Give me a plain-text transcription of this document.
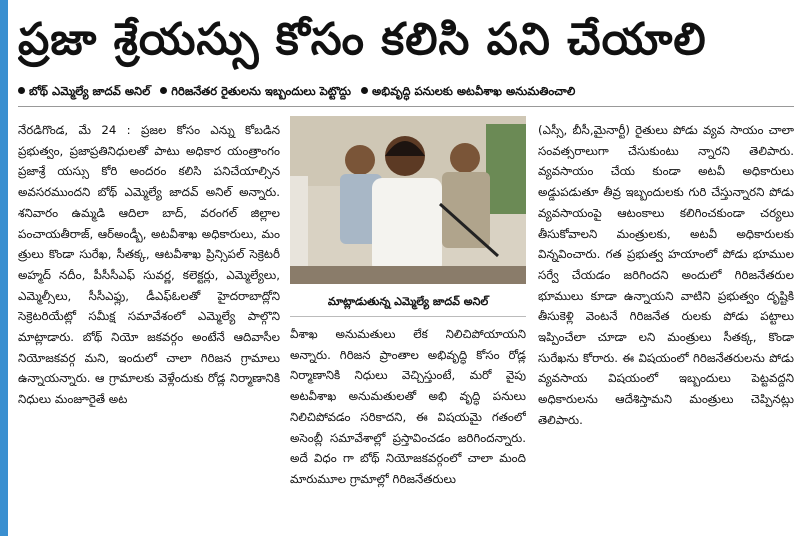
ప్రజా శ్రేయస్సు కోసం కలిసి పని చేయాలి
బోథ్ ఎమ్మెల్యే జాదవ్ అనిల్ గిరిజనేతర రైతులను ఇబ్బందులు పెట్టొద్దు అభివృద్ధి పనులకు అటవీశాఖ అనుమతించాలి

నేరడిగొండ, మే 24 : ప్రజల కోసం ఎన్ను కోబడిన ప్రభుత్వం, ప్రజాప్రతినిధులతో పాటు అధికార యంత్రాంగం ప్రజాశ్రే యస్సు కోరి అందరం కలిసి పనిచేయాల్సిన అవసరముందని బోథ్ ఎమ్మెల్యే జాదవ్ అనిల్ అన్నారు. శనివారం ఉమ్మడి ఆదిలా బాద్, వరంగల్ జిల్లాల పంచాయతీరాజ్, ఆర్అండ్బీ, అటవీశాఖ అధికారులు, మం త్రులు కొండా సురేఖ, సీతక్క, ఆటవీశాఖ ప్రిన్సిపల్ సెక్రెటరీ అహ్మద్ నదీం, పీసీసీఎఫ్ సువర్ణ, కలెక్టర్లు, ఎమ్మెల్యేలు, ఎమ్మెల్సీలు, సీసీఎఫ్లు, డీఎఫ్ఓలతో హైదరాబాద్లోని సెక్రెటరియేట్లో సమీక్ష సమావేశంలో ఎమ్మెల్యే పాల్గొని మాట్లాడారు. బోథ్ నియో జకవర్గం అంటేనే ఆదివాసీల నియోజకవర్గ మని, ఇందులో చాలా గిరిజన గ్రామాలు ఉన్నాయన్నారు. ఆ గ్రామాలకు వెళ్లేందుకు రోడ్ల నిర్మాణానికి నిధులు మంజూరైతే అట

మాట్లాడుతున్న ఎమ్మెల్యే జాదవ్ అనిల్

వీశాఖ అనుమతులు లేక నిలిచిపోయాయని అన్నారు. గిరిజన ప్రాంతాల అభివృద్ధి కోసం రోడ్ల నిర్మాణానికి నిధులు వెచ్చిస్తుంటే, మరో వైపు అటవీశాఖ అనుమతులతో అభి వృద్ధి పనులు నిలిచిపోవడం సరికాదని, ఈ విషయమై గతంలో అసెంబ్లీ సమావేశాల్లో ప్రస్తావించడం జరిగిందన్నారు. అదే విధం గా బోథ్ నియోజకవర్గంలో చాలా మంది మారుమూల గ్రామాల్లో గిరిజనేతరులు

(ఎస్సీ, బీసీ,మైనార్టీ) రైతులు పోడు వ్యవ సాయం చాలా సంవత్సరాలుగా చేసుకుంటు న్నారని తెలిపారు. వ్యవసాయం చేయ కుండా అటవీ అధికారులు అడ్డుపడుతూ తీవ్ర ఇబ్బందులకు గురి చేస్తున్నారని పోడు వ్యవసాయంపై ఆటంకాలు కలిగించకుండా చర్యలు తీసుకోవాలని మంత్రులకు, అటవీ అధికారులకు విన్నవించారు. గత ప్రభుత్వ హయాంలో పోడు భూముల సర్వే చేయడం జరిగిందని అందులో గిరిజనేతరుల భూములు కూడా ఉన్నాయని వాటిని ప్రభుత్వం దృష్టికి తీసుకెళ్లి వెంటనే గిరిజనేత రులకు పోడు పట్టాలు ఇప్పించేలా చూడా లని మంత్రులు సీతక్క, కొండా సురేఖను కోరారు. ఈ విషయంలో గిరిజనేతరులను పోడు వ్యవసాయ విషయంలో ఇబ్బందులు పెట్టవద్దని అధికారులను ఆదేశిస్తామని మంత్రులు చెప్పినట్లు తెలిపారు.
